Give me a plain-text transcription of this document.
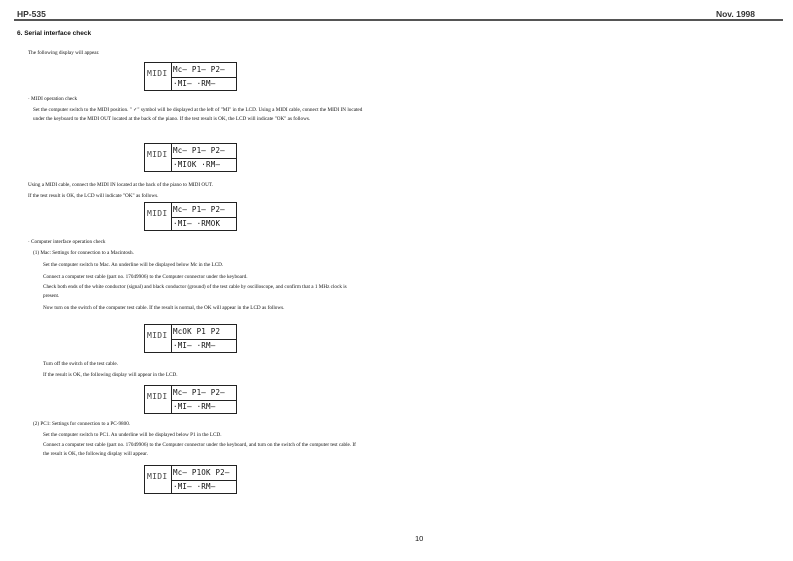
HP-535	Nov. 1998
6. Serial interface check
The following display will appear.
MIDI Mc— P1— P2—
·MI— ·RM—
· MIDI operation check
Set the computer switch to the MIDI position. " ✓" symbol will be displayed at the left of "MI" in the LCD. Using a MIDI cable, connect the MIDI IN located under the keyboard to the MIDI OUT located at the back of the piano. If the test result is OK, the LCD will indicate "OK" as follows.
MIDI Mc— P1— P2—
·MIOK ·RM—
Using a MIDI cable, connect the MIDI IN located at the back of the piano to MIDI OUT.
If the test result is OK, the LCD will indicate "OK" as follows.
MIDI Mc— P1— P2—
·MI— ·RMOK
· Computer interface operation check
(1) Mac: Settings for connection to a Macintosh.
Set the computer switch to Mac. An underline will be displayed below Mc in the LCD.
Connect a computer test cable (part no. 17049906) to the Computer connector under the keyboard.
Check both ends of the white conductor (signal) and black conductor (ground) of the test cable by oscilloscope, and confirm that a 1 MHz clock is present.
Now turn on the switch of the computer test cable. If the result is normal, the OK will appear in the LCD as follows.
MIDI McOK P1 P2
·MI— ·RM—
Turn off the switch of the test cable.
If the result is OK, the following display will appear in the LCD.
MIDI Mc— P1— P2—
·MI— ·RM—
(2) PC1: Settings for connection to a PC-9800.
Set the computer switch to PC1. An underline will be displayed below P1 in the LCD.
Connect a computer test cable (part no. 17049906) to the Computer connector under the keyboard, and turn on the switch of the computer test cable. If the result is OK, the following display will appear.
MIDI Mc— P1OK P2—
·MI— ·RM—
10
